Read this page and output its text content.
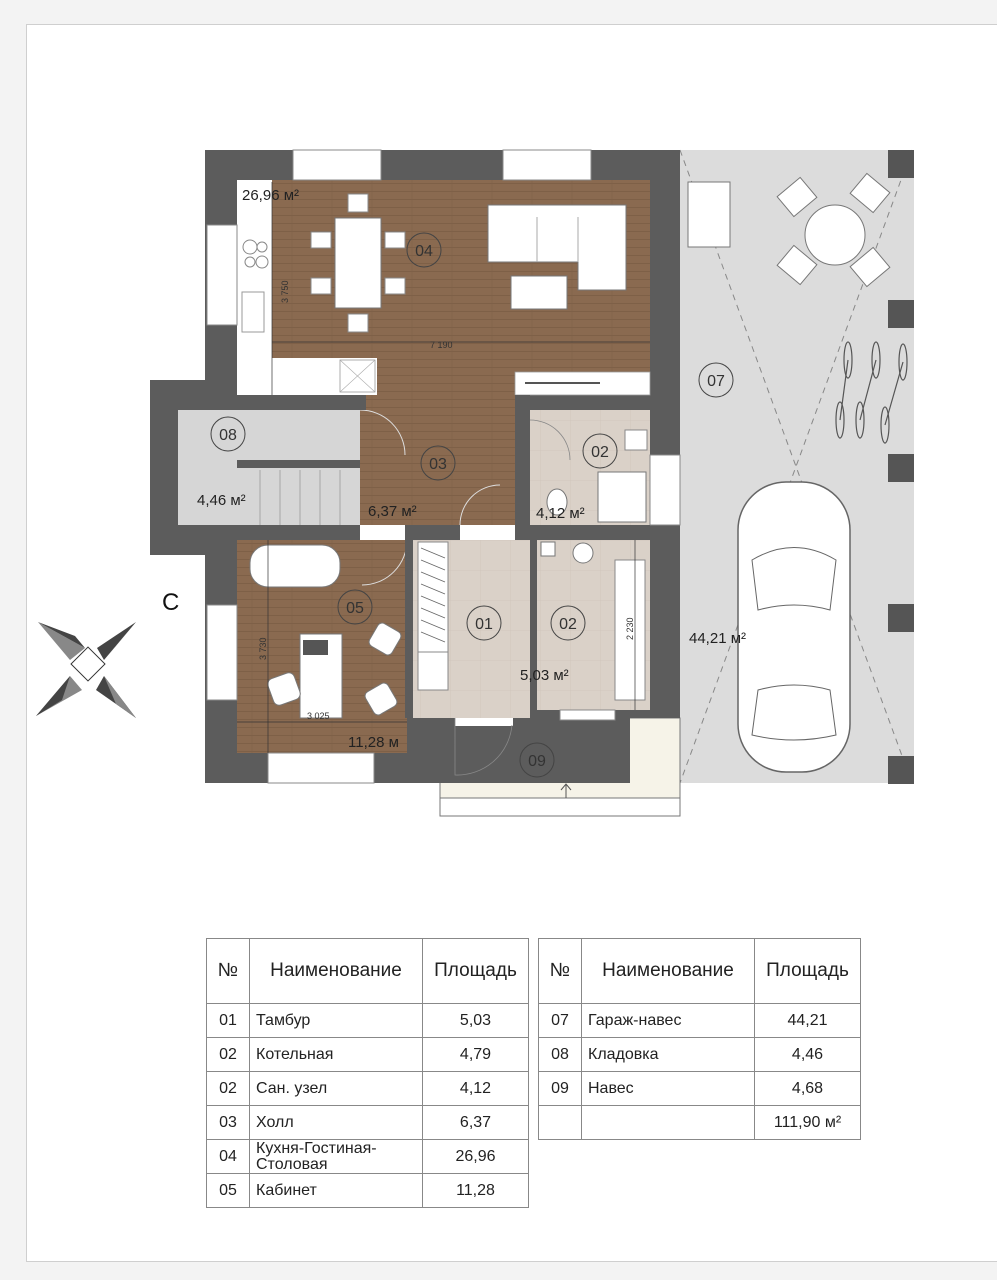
С
01	02
02
03
04
05
07
08
09
26,96 м²
6,37 м²
4,46 м²
4,12 м²
5,03 м²
11,28 м
44,21 м²
7 190
3 750
3 730
3 025
2 230
№	Наименование	Площадь
01	Тамбур	5,03
02	Котельная	4,79
02	Сан. узел	4,12
03	Холл	6,37
04	Кухня-Гостиная-Столовая	26,96
05	Кабинет	11,28
№	Наименование	Площадь
07	Гараж-навес	44,21
08	Кладовка	4,46
09	Навес	4,68
		111,90 м²
